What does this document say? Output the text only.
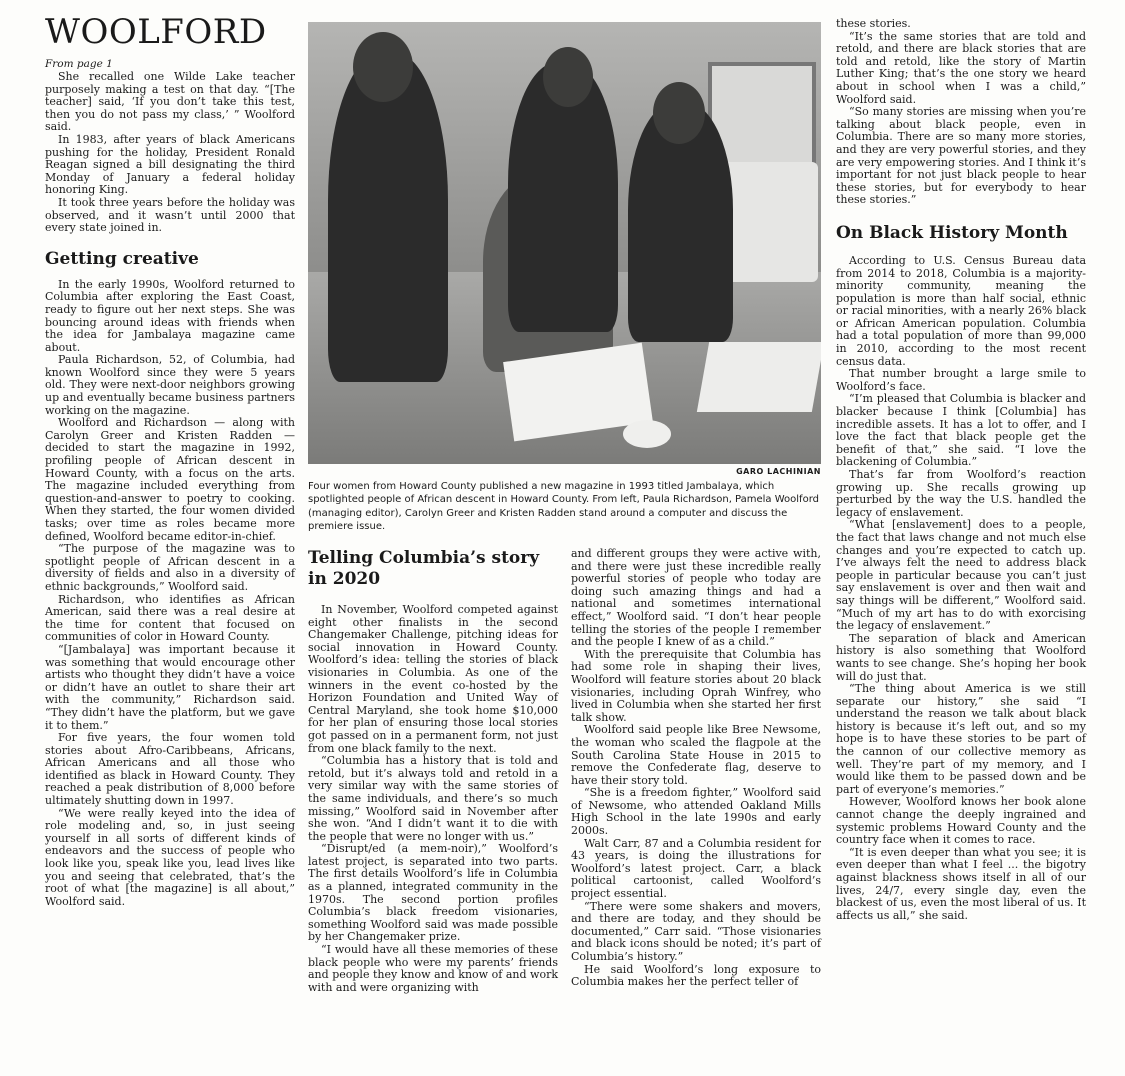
WOOLFORD
From page 1

She recalled one Wilde Lake teacher purposely making a test on that day. “[The teacher] said, ‘If you don’t take this test, then you do not pass my class,’ ” Woolford said.

In 1983, after years of black Americans pushing for the holiday, President Ronald Reagan signed a bill designating the third Monday of January a federal holiday honoring King.

It took three years before the holiday was observed, and it wasn’t until 2000 that every state joined in.

Getting creative

In the early 1990s, Woolford returned to Columbia after exploring the East Coast, ready to figure out her next steps. She was bouncing around ideas with friends when the idea for Jambalaya magazine came about.

Paula Richardson, 52, of Columbia, had known Woolford since they were 5 years old. They were next-door neighbors growing up and eventually became business partners working on the magazine.

Woolford and Richardson — along with Carolyn Greer and Kristen Radden — decided to start the magazine in 1992, profiling people of African descent in Howard County, with a focus on the arts. The magazine included everything from question-and-answer to poetry to cooking. When they started, the four women divided tasks; over time as roles became more defined, Woolford became editor-in-chief.

“The purpose of the magazine was to spotlight people of African descent in a diversity of fields and also in a diversity of ethnic backgrounds,” Woolford said.

Richardson, who identifies as African American, said there was a real desire at the time for content that focused on communities of color in Howard County.

“[Jambalaya] was important because it was something that would encourage other artists who thought they didn’t have a voice or didn’t have an outlet to share their art with the community,” Richardson said. “They didn’t have the platform, but we gave it to them.”

For five years, the four women told stories about Afro-Caribbeans, Africans, African Americans and all those who identified as black in Howard County. They reached a peak distribution of 8,000 before ultimately shutting down in 1997.

“We were really keyed into the idea of role modeling and, so, in just seeing yourself in all sorts of different kinds of endeavors and the success of people who look like you, speak like you, lead lives like you and seeing that celebrated, that’s the root of what [the magazine] is all about,” Woolford said.

GARO LACHINIAN

Four women from Howard County published a new magazine in 1993 titled Jambalaya, which spotlighted people of African descent in Howard County. From left, Paula Richardson, Pamela Woolford (managing editor), Carolyn Greer and Kristen Radden stand around a computer and discuss the premiere issue.

Telling Columbia’s story in 2020

In November, Woolford competed against eight other finalists in the second Changemaker Challenge, pitching ideas for social innovation in Howard County. Woolford’s idea: telling the stories of black visionaries in Columbia. As one of the winners in the event co-hosted by the Horizon Foundation and United Way of Central Maryland, she took home $10,000 for her plan of ensuring those local stories got passed on in a permanent form, not just from one black family to the next.

“Columbia has a history that is told and retold, but it’s always told and retold in a very similar way with the same stories of the same individuals, and there’s so much missing,” Woolford said in November after she won. “And I didn’t want it to die with the people that were no longer with us.”

“Disrupt/ed (a mem-noir),” Woolford’s latest project, is separated into two parts. The first details Woolford’s life in Columbia as a planned, integrated community in the 1970s. The second portion profiles Columbia’s black freedom visionaries, something Woolford said was made possible by her Changemaker prize.

“I would have all these memories of these black people who were my parents’ friends and people they know and know of and work with and were organizing with

and different groups they were active with, and there were just these incredible really powerful stories of people who today are doing such amazing things and had a national and sometimes international effect,” Woolford said. “I don’t hear people telling the stories of the people I remember and the people I knew of as a child.”

With the prerequisite that Columbia has had some role in shaping their lives, Woolford will feature stories about 20 black visionaries, including Oprah Winfrey, who lived in Columbia when she started her first talk show.

Woolford said people like Bree Newsome, the woman who scaled the flagpole at the South Carolina State House in 2015 to remove the Confederate flag, deserve to have their story told.

“She is a freedom fighter,” Woolford said of Newsome, who attended Oakland Mills High School in the late 1990s and early 2000s.

Walt Carr, 87 and a Columbia resident for 43 years, is doing the illustrations for Woolford’s latest project. Carr, a black political cartoonist, called Woolford’s project essential.

“There were some shakers and movers, and there are today, and they should be documented,” Carr said. “Those visionaries and black icons should be noted; it’s part of Columbia’s history.”

He said Woolford’s long exposure to Columbia makes her the perfect teller of

these stories.

“It’s the same stories that are told and retold, and there are black stories that are told and retold, like the story of Martin Luther King; that’s the one story we heard about in school when I was a child,” Woolford said.

“So many stories are missing when you’re talking about black people, even in Columbia. There are so many more stories, and they are very powerful stories, and they are very empowering stories. And I think it’s important for not just black people to hear these stories, but for everybody to hear these stories.”

On Black History Month

According to U.S. Census Bureau data from 2014 to 2018, Columbia is a majority-minority community, meaning the population is more than half social, ethnic or racial minorities, with a nearly 26% black or African American population. Columbia had a total population of more than 99,000 in 2010, according to the most recent census data.

That number brought a large smile to Woolford’s face.

“I’m pleased that Columbia is blacker and blacker because I think [Columbia] has incredible assets. It has a lot to offer, and I love the fact that black people get the benefit of that,” she said. “I love the blackening of Columbia.”

That’s far from Woolford’s reaction growing up. She recalls growing up perturbed by the way the U.S. handled the legacy of enslavement.

“What [enslavement] does to a people, the fact that laws change and not much else changes and you’re expected to catch up. I’ve always felt the need to address black people in particular because you can’t just say enslavement is over and then wait and say things will be different,” Woolford said. “Much of my art has to do with exorcising the legacy of enslavement.”

The separation of black and American history is also something that Woolford wants to see change. She’s hoping her book will do just that.

“The thing about America is we still separate our history,” she said “I understand the reason we talk about black history is because it’s left out, and so my hope is to have these stories to be part of the cannon of our collective memory as well. They’re part of my memory, and I would like them to be passed down and be part of everyone’s memories.”

However, Woolford knows her book alone cannot change the deeply ingrained and systemic problems Howard County and the country face when it comes to race.

“It is even deeper than what you see; it is even deeper than what I feel ... the bigotry against blackness shows itself in all of our lives, 24/7, every single day, even the blackest of us, even the most liberal of us. It affects us all,” she said.
